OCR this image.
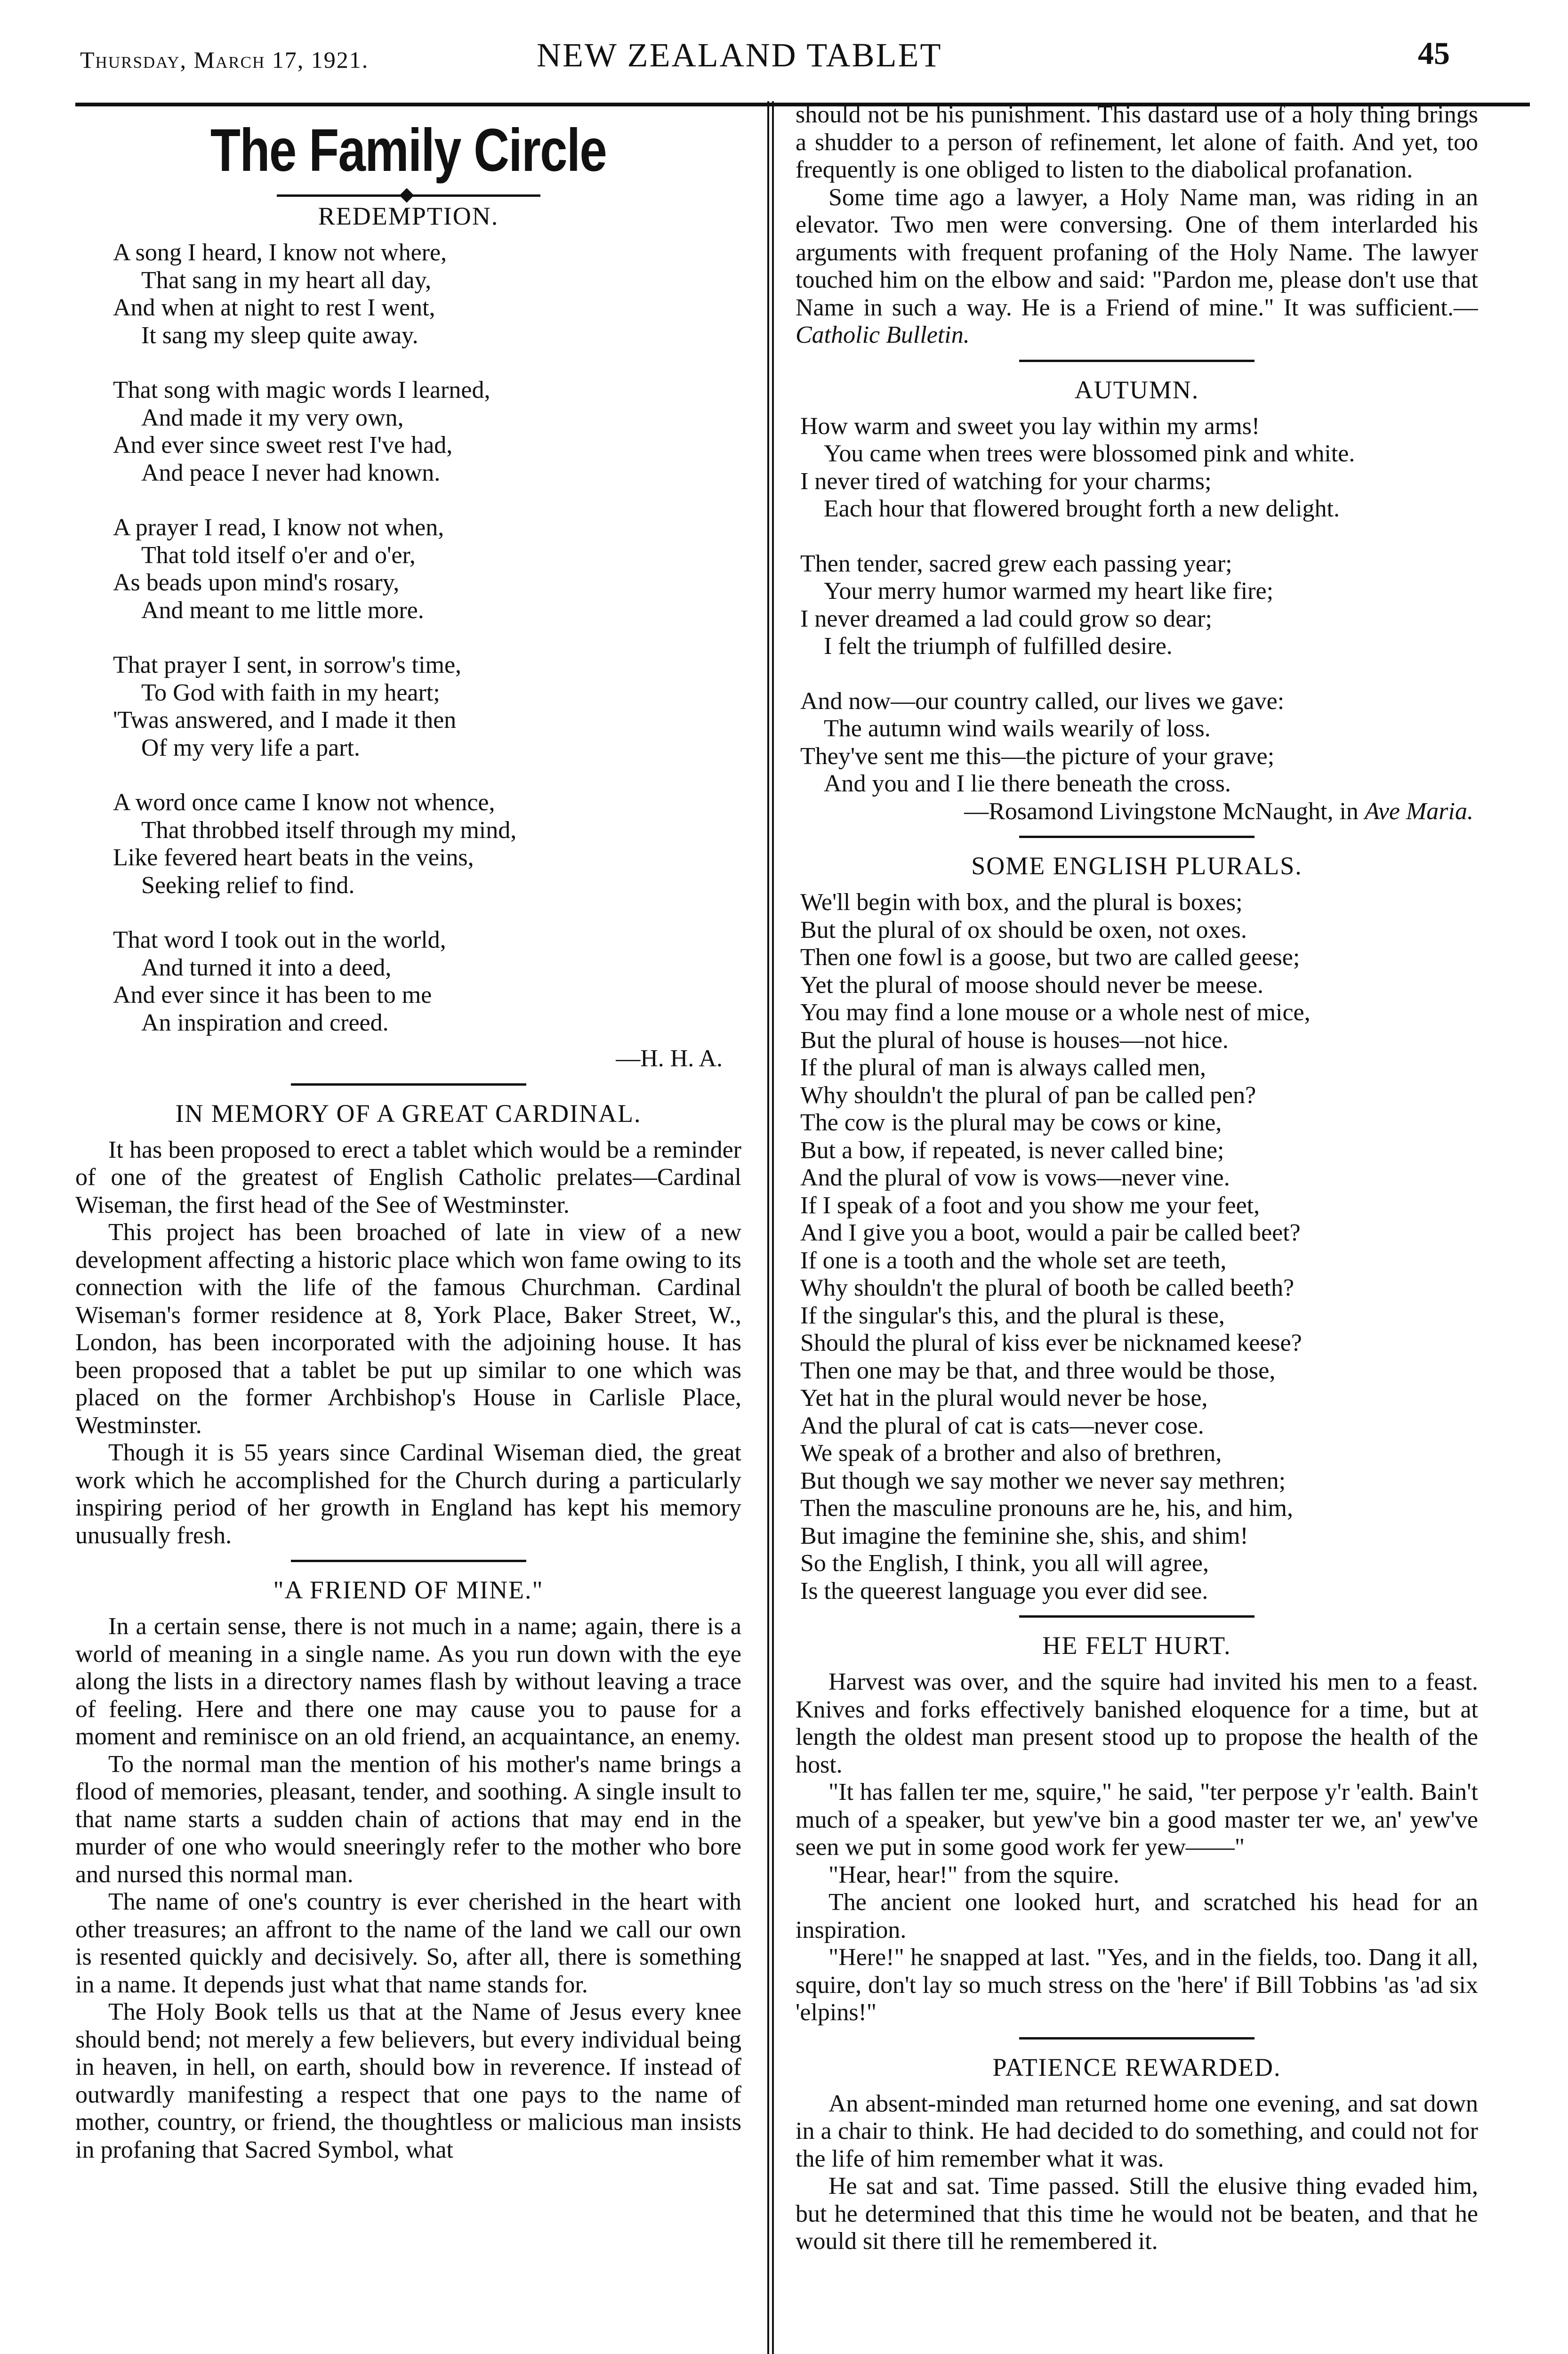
Thursday, March 17, 1921.	NEW ZEALAND TABLET	45
The Family Circle
REDEMPTION.
A song I heard, I know not where,
That sang in my heart all day,
And when at night to rest I went,
It sang my sleep quite away.
That song with magic words I learned,
And made it my very own,
And ever since sweet rest I've had,
And peace I never had known.
A prayer I read, I know not when,
That told itself o'er and o'er,
As beads upon mind's rosary,
And meant to me little more.
That prayer I sent, in sorrow's time,
To God with faith in my heart;
'Twas answered, and I made it then
Of my very life a part.
A word once came I know not whence,
That throbbed itself through my mind,
Like fevered heart beats in the veins,
Seeking relief to find.
That word I took out in the world,
And turned it into a deed,
And ever since it has been to me
An inspiration and creed.
—H. H. A.
IN MEMORY OF A GREAT CARDINAL.

It has been proposed to erect a tablet which would be a reminder of one of the greatest of English Catholic prelates—Cardinal Wiseman, the first head of the See of Westminster.

This project has been broached of late in view of a new development affecting a historic place which won fame owing to its connection with the life of the famous Churchman. Cardinal Wiseman's former residence at 8, York Place, Baker Street, W., London, has been incorporated with the adjoining house. It has been proposed that a tablet be put up similar to one which was placed on the former Archbishop's House in Carlisle Place, Westminster.

Though it is 55 years since Cardinal Wiseman died, the great work which he accomplished for the Church during a particularly inspiring period of her growth in England has kept his memory unusually fresh.

"A FRIEND OF MINE."

In a certain sense, there is not much in a name; again, there is a world of meaning in a single name. As you run down with the eye along the lists in a directory names flash by without leaving a trace of feeling. Here and there one may cause you to pause for a moment and reminisce on an old friend, an acquaintance, an enemy.

To the normal man the mention of his mother's name brings a flood of memories, pleasant, tender, and soothing. A single insult to that name starts a sudden chain of actions that may end in the murder of one who would sneeringly refer to the mother who bore and nursed this normal man.

The name of one's country is ever cherished in the heart with other treasures; an affront to the name of the land we call our own is resented quickly and decisively. So, after all, there is something in a name. It depends just what that name stands for.

The Holy Book tells us that at the Name of Jesus every knee should bend; not merely a few believers, but every individual being in heaven, in hell, on earth, should bow in reverence. If instead of outwardly manifesting a respect that one pays to the name of mother, country, or friend, the thoughtless or malicious man insists in profaning that Sacred Symbol, what

should not be his punishment. This dastard use of a holy thing brings a shudder to a person of refinement, let alone of faith. And yet, too frequently is one obliged to listen to the diabolical profanation.

Some time ago a lawyer, a Holy Name man, was riding in an elevator. Two men were conversing. One of them interlarded his arguments with frequent profaning of the Holy Name. The lawyer touched him on the elbow and said: "Pardon me, please don't use that Name in such a way. He is a Friend of mine." It was sufficient.—Catholic Bulletin.

AUTUMN.
How warm and sweet you lay within my arms!
You came when trees were blossomed pink and white.
I never tired of watching for your charms;
Each hour that flowered brought forth a new delight.
Then tender, sacred grew each passing year;
Your merry humor warmed my heart like fire;
I never dreamed a lad could grow so dear;
I felt the triumph of fulfilled desire.
And now—our country called, our lives we gave:
The autumn wind wails wearily of loss.
They've sent me this—the picture of your grave;
And you and I lie there beneath the cross.
—Rosamond Livingstone McNaught, in Ave Maria.
SOME ENGLISH PLURALS.
We'll begin with box, and the plural is boxes;
But the plural of ox should be oxen, not oxes.
Then one fowl is a goose, but two are called geese;
Yet the plural of moose should never be meese.
You may find a lone mouse or a whole nest of mice,
But the plural of house is houses—not hice.
If the plural of man is always called men,
Why shouldn't the plural of pan be called pen?
The cow is the plural may be cows or kine,
But a bow, if repeated, is never called bine;
And the plural of vow is vows—never vine.
If I speak of a foot and you show me your feet,
And I give you a boot, would a pair be called beet?
If one is a tooth and the whole set are teeth,
Why shouldn't the plural of booth be called beeth?
If the singular's this, and the plural is these,
Should the plural of kiss ever be nicknamed keese?
Then one may be that, and three would be those,
Yet hat in the plural would never be hose,
And the plural of cat is cats—never cose.
We speak of a brother and also of brethren,
But though we say mother we never say methren;
Then the masculine pronouns are he, his, and him,
But imagine the feminine she, shis, and shim!
So the English, I think, you all will agree,
Is the queerest language you ever did see.
HE FELT HURT.

Harvest was over, and the squire had invited his men to a feast. Knives and forks effectively banished eloquence for a time, but at length the oldest man present stood up to propose the health of the host.

"It has fallen ter me, squire," he said, "ter perpose y'r 'ealth. Bain't much of a speaker, but yew've bin a good master ter we, an' yew've seen we put in some good work fer yew——"

"Hear, hear!" from the squire.

The ancient one looked hurt, and scratched his head for an inspiration.

"Here!" he snapped at last. "Yes, and in the fields, too. Dang it all, squire, don't lay so much stress on the 'here' if Bill Tobbins 'as 'ad six 'elpins!"

PATIENCE REWARDED.

An absent-minded man returned home one evening, and sat down in a chair to think. He had decided to do something, and could not for the life of him remember what it was.

He sat and sat. Time passed. Still the elusive thing evaded him, but he determined that this time he would not be beaten, and that he would sit there till he remembered it.
